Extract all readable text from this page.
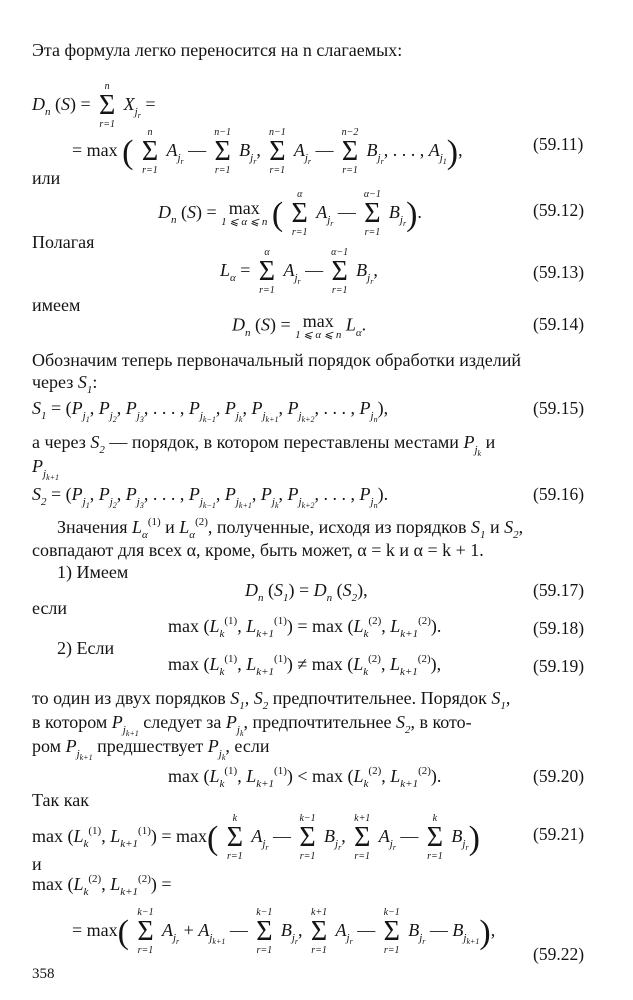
Эта формула легко переносится на n слагаемых:
$D_n$ (S) =
n
Σ
r=1
$X_{j_r}$ =
= max (
n
Σ
r=1
$A_{j_r}$ —
n−1
Σ
r=1
$B_{j_r}$,
n−1
Σ
r=1
$A_{j_r}$ —
n−2
Σ
r=1
$B_{j_r}$, . . . , $A_{j_1}$),	(59.11)
или
$D_n$ (S) = max
1 ⩽ α ⩽ n (
α
Σ
r=1
$A_{j_r}$ —
α−1
Σ
r=1
$B_{j_r}$).	(59.12)
Полагая
$L_\alpha$ =
α
Σ
r=1
$A_{j_r}$ —
α−1
Σ
r=1
$B_{j_r}$,	(59.13)
имеем
$D_n$ (S) = max
1 ⩽ α ⩽ n
$L_\alpha$.	(59.14)
Обозначим теперь первоначальный порядок обработки изделий
через $S_1$:
$S_1 = (P_{j_1}$, $P_{j_2}$, $P_{j_3}$, . . . , $P_{j_{k-1}}$, $P_{j_k}$, $P_{j_{k+1}}$, $P_{j_{k+2}}$, . . . , $P_{j_n}$),	(59.15)
а через $S_2$ — порядок, в котором переставлены местами $P_{j_k}$ и
$P_{j_{k+1}}$
$S_2 = (P_{j_1}$, $P_{j_2}$, $P_{j_3}$, . . . , $P_{j_{k-1}}$, $P_{j_{k+1}}$, $P_{j_k}$, $P_{j_{k+2}}$, . . . , $P_{j_n}$).	(59.16)
Значения $L_\alpha^{(1)}$ и $L_\alpha^{(2)}$, полученные, исходя из порядков $S_1$ и $S_2$,
совпадают для всех α, кроме, быть может, α = k и α = k + 1.
1) Имеем
$D_n$ $(S_1) = D_n$ $(S_2)$,	(59.17)
если
$\max (L_k^{(1)}$, $L_{k+1}^{(1)}) = \max (L_k^{(2)}$, $L_{k+1}^{(2)}$).	(59.18)
2) Если
$\max (L_k^{(1)}$, $L_{k+1}^{(1)}) \ne \max (L_k^{(2)}$, $L_{k+1}^{(2)}$),	(59.19)
то один из двух порядков $S_1$, $S_2$ предпочтительнее. Порядок $S_1$,
в котором $P_{j_{k+1}}$ следует за $P_{j_k}$, предпочтительнее $S_2$, в кото-
ром $P_{j_{k+1}}$ предшествует $P_{j_k}$, если
$\max (L_k^{(1)}$, $L_{k+1}^{(1)}) < \max (L_k^{(2)}$, $L_{k+1}^{(2)}$).	(59.20)
Так как
$\max (L_k^{(1)}$, $L_{k+1}^{(1)}) = \max$(
k
Σ
r=1
$A_{j_r}$ —
k−1
Σ
r=1
$B_{j_r}$,
k+1
Σ
r=1
$A_{j_r}$ —
k
Σ
r=1
$B_{j_r}$)	(59.21)
и
$\max (L_k^{(2)}$, $L_{k+1}^{(2)}$) =
= max(
k−1
Σ
r=1
$A_{j_r} + A_{j_{k+1}}$ —
k−1
Σ
r=1
$B_{j_r}$,
k+1
Σ
r=1
$A_{j_r}$ —
k−1
Σ
r=1
$B_{j_r}$ — $B_{j_{k+1}}$),
(59.22)
358
